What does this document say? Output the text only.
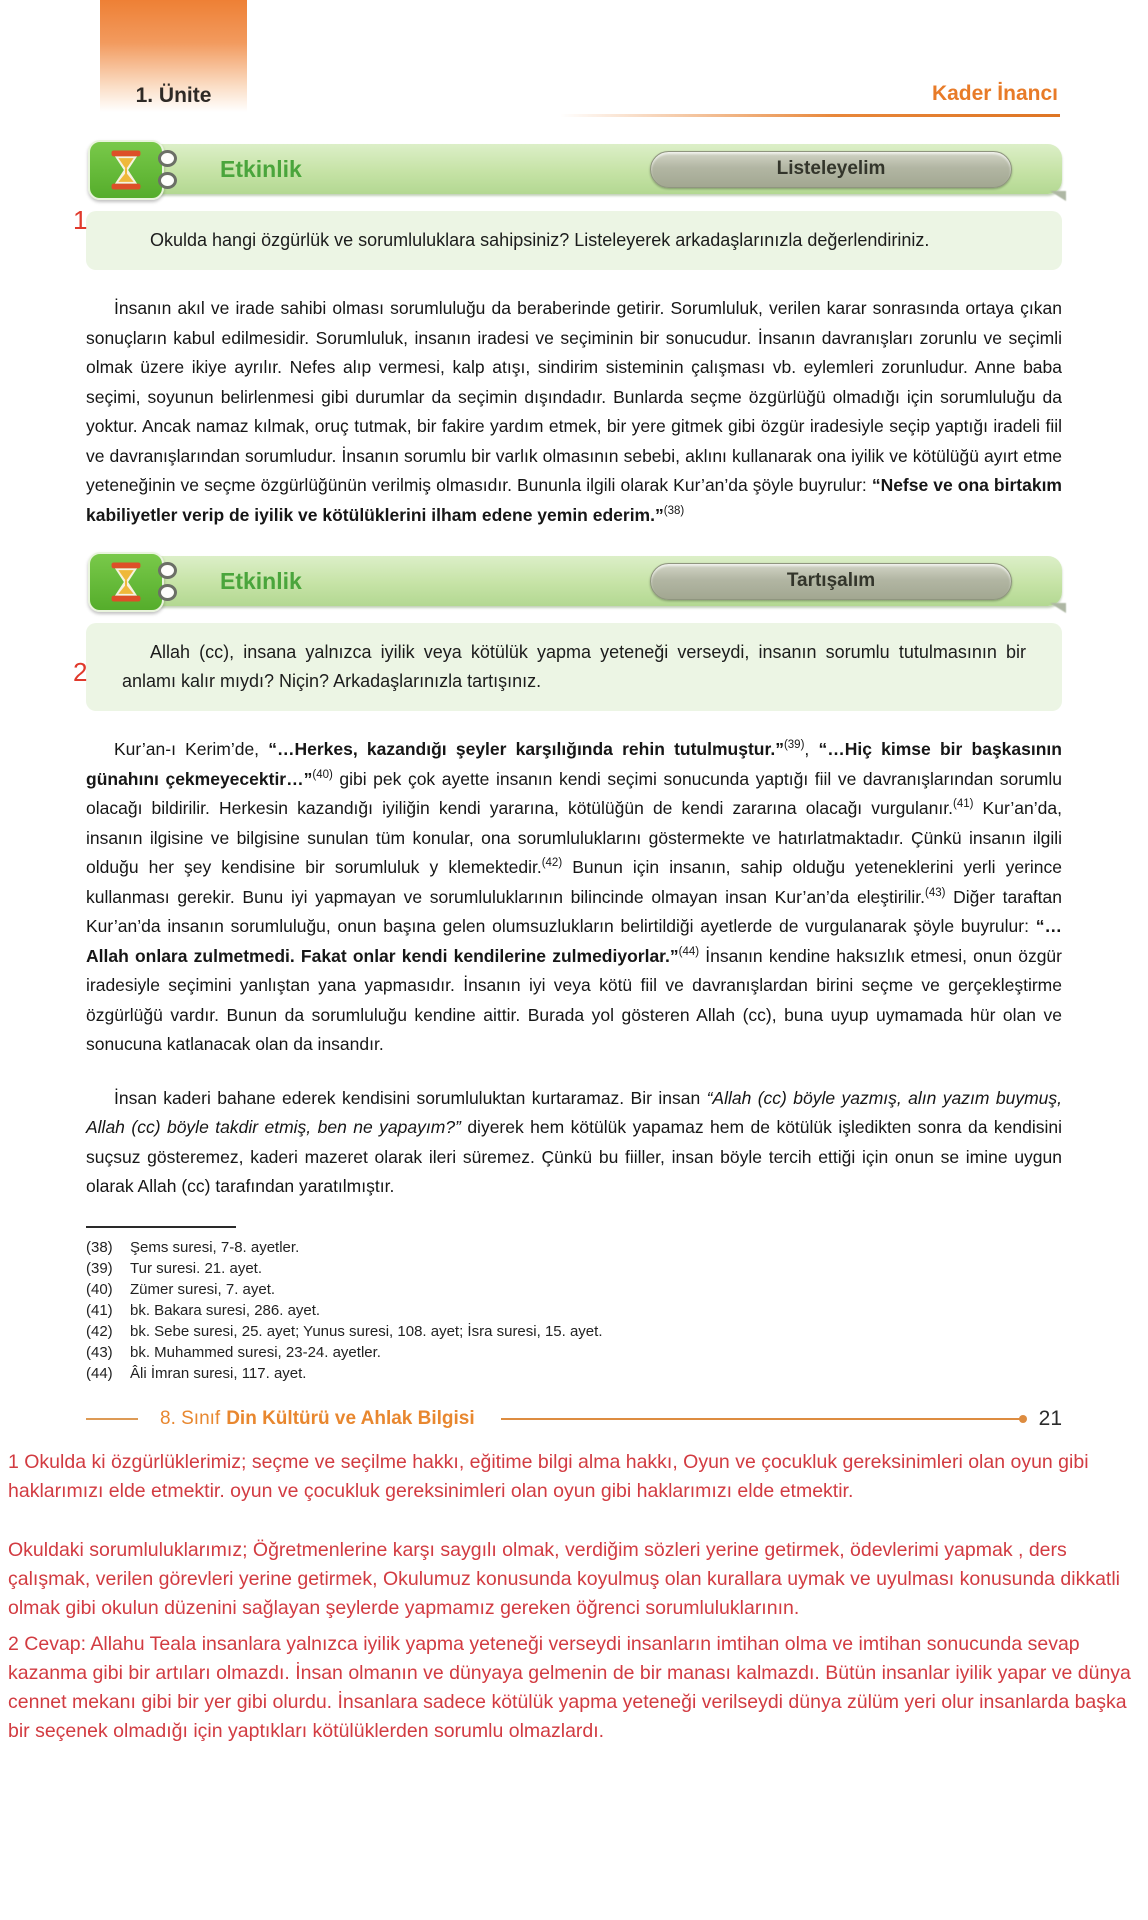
1. Ünite	Kader İnancı
Etkinlik	Listeleyelim
1
Okulda hangi özgürlük ve sorumluluklara sahipsiniz? Listeleyerek arkadaşlarınızla değerlendiriniz.

İnsanın akıl ve irade sahibi olması sorumluluğu da beraberinde getirir. Sorumluluk, verilen karar sonrasında ortaya çıkan sonuçların kabul edilmesidir. Sorumluluk, insanın iradesi ve seçiminin bir sonucudur. İnsanın davranışları zorunlu ve seçimli olmak üzere ikiye ayrılır. Nefes alıp vermesi, kalp atışı, sindirim sisteminin çalışması vb. eylemleri zorunludur. Anne baba seçimi, soyunun belirlenmesi gibi durumlar da seçimin dışındadır. Bunlarda seçme özgürlüğü olmadığı için sorumluluğu da yoktur. Ancak namaz kılmak, oruç tutmak, bir fakire yardım etmek, bir yere gitmek gibi özgür iradesiyle seçip yaptığı iradeli fiil ve davranışlarından sorumludur. İnsanın sorumlu bir varlık olmasının sebebi, aklını kullanarak ona iyilik ve kötülüğü ayırt etme yeteneğinin ve seçme özgürlüğünün verilmiş olmasıdır. Bununla ilgili olarak Kur’an’da şöyle buyrulur: “Nefse ve ona birtakım kabiliyetler verip de iyilik ve kötülüklerini ilham edene yemin ederim.”$^{(38)}$

Etkinlik	Tartışalım
2
Allah (cc), insana yalnızca iyilik veya kötülük yapma yeteneği verseydi, insanın sorumlu tutulmasının bir anlamı kalır mıydı? Niçin? Arkadaşlarınızla tartışınız.

Kur’an-ı Kerim’de, “…Herkes, kazandığı şeyler karşılığında rehin tutulmuştur.”$^{(39)}$, “…Hiç kimse bir başkasının günahını çekmeyecektir…”$^{(40)}$ gibi pek çok ayette insanın kendi seçimi sonucunda yaptığı fiil ve davranışlarından sorumlu olacağı bildirilir. Herkesin kazandığı iyiliğin kendi yararına, kötülüğün de kendi zararına olacağı vurgulanır.$^{(41)}$ Kur’an’da, insanın ilgisine ve bilgisine sunulan tüm konular, ona sorumluluklarını göstermekte ve hatırlatmaktadır. Çünkü insanın ilgili olduğu her şey kendisine bir sorumluluk y klemektedir.$^{(42)}$ Bunun için insanın, sahip olduğu yeteneklerini yerli yerince kullanması gerekir. Bunu iyi yapmayan ve sorumluluklarının bilincinde olmayan insan Kur’an’da eleştirilir.$^{(43)}$ Diğer taraftan Kur’an’da insanın sorumluluğu, onun başına gelen olumsuzlukların belirtildiği ayetlerde de vurgulanarak şöyle buyrulur: “…Allah onlara zulmetmedi. Fakat onlar kendi kendilerine zulmediyorlar.”$^{(44)}$ İnsanın kendine haksızlık etmesi, onun özgür iradesiyle seçimini yanlıştan yana yapmasıdır. İnsanın iyi veya kötü fiil ve davranışlardan birini seçme ve gerçekleştirme özgürlüğü vardır. Bunun da sorumluluğu kendine aittir. Burada yol gösteren Allah (cc), buna uyup uymamada hür olan ve sonucuna katlanacak olan da insandır.

İnsan kaderi bahane ederek kendisini sorumluluktan kurtaramaz. Bir insan “Allah (cc) böyle yazmış, alın yazım buymuş, Allah (cc) böyle takdir etmiş, ben ne yapayım?” diyerek hem kötülük yapamaz hem de kötülük işledikten sonra da kendisini suçsuz gösteremez, kaderi mazeret olarak ileri süremez. Çünkü bu fiiller, insan böyle tercih ettiği için onun se imine uygun olarak Allah (cc) tarafından yaratılmıştır.

(38)	Şems suresi, 7-8. ayetler.
(39)	Tur suresi. 21. ayet.
(40)	Zümer suresi, 7. ayet.
(41)	bk. Bakara suresi, 286. ayet.
(42)	bk. Sebe suresi, 25. ayet; Yunus suresi, 108. ayet; İsra suresi, 15. ayet.
(43)	bk. Muhammed suresi, 23-24. ayetler.
(44)	Âli İmran suresi, 117. ayet.
8. Sınıf Din Kültürü ve Ahlak Bilgisi	21

1 Okulda ki özgürlüklerimiz; seçme ve seçilme hakkı, eğitime bilgi alma hakkı, Oyun ve çocukluk gereksinimleri olan oyun gibi haklarımızı elde etmektir. oyun ve çocukluk gereksinimleri olan oyun gibi haklarımızı elde etmektir.

Okuldaki sorumluluklarımız; Öğretmenlerine karşı saygılı olmak, verdiğim sözleri yerine getirmek, ödevlerimi yapmak , ders çalışmak, verilen görevleri yerine getirmek, Okulumuz konusunda koyulmuş olan kurallara uymak ve uyulması konusunda dikkatli olmak gibi okulun düzenini sağlayan şeylerde yapmamız gereken öğrenci sorumluluklarının.

2 Cevap: Allahu Teala insanlara yalnızca iyilik yapma yeteneği verseydi insanların imtihan olma ve imtihan sonucunda sevap kazanma gibi bir artıları olmazdı. İnsan olmanın ve dünyaya gelmenin de bir manası kalmazdı. Bütün insanlar iyilik yapar ve dünya cennet mekanı gibi bir yer gibi olurdu. İnsanlara sadece kötülük yapma yeteneği verilseydi dünya zülüm yeri olur insanlarda başka bir seçenek olmadığı için yaptıkları kötülüklerden sorumlu olmazlardı.
